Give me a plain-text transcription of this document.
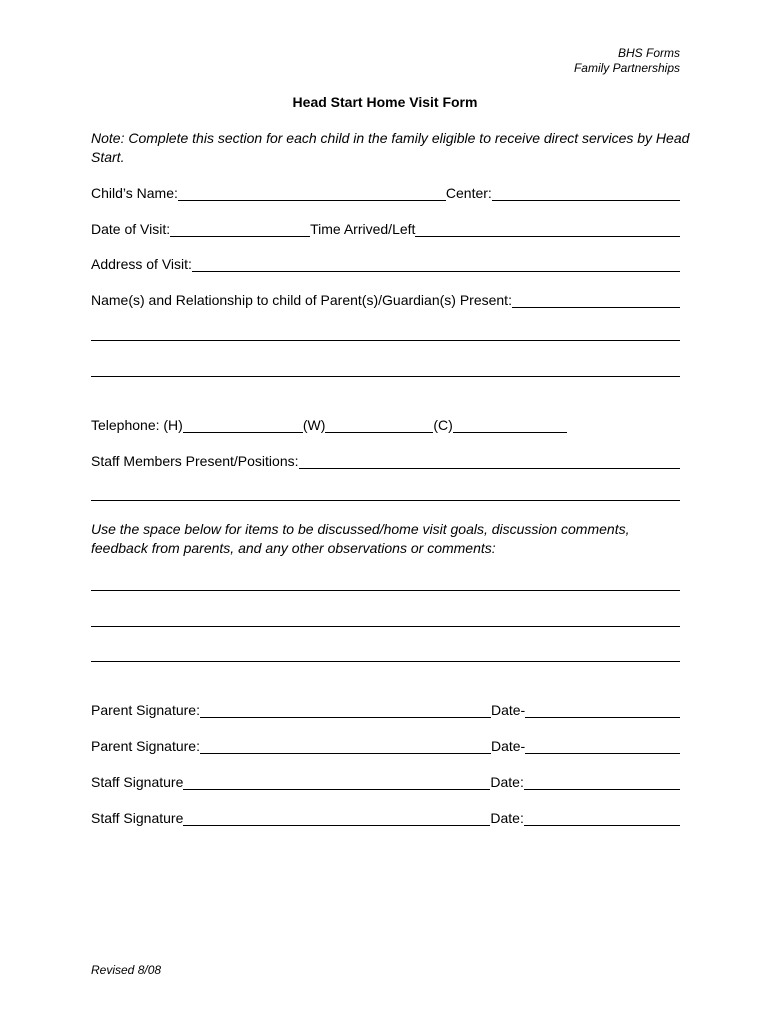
BHS Forms
Family Partnerships
Head Start Home Visit Form
Note: Complete this section for each child in the family eligible to receive direct services by Head Start.
Child’s Name:	Center:
Date of Visit:	Time Arrived/Left
Address of Visit:
Name(s) and Relationship to child of Parent(s)/Guardian(s) Present:
Telephone: (H)	(W)	(C)
Staff Members Present/Positions:
Use the space below for items to be discussed/home visit goals, discussion comments, feedback from parents, and any other observations or comments:
Parent Signature:	Date-
Parent Signature:	Date-
Staff Signature	Date:
Staff Signature	Date:
Revised 8/08
